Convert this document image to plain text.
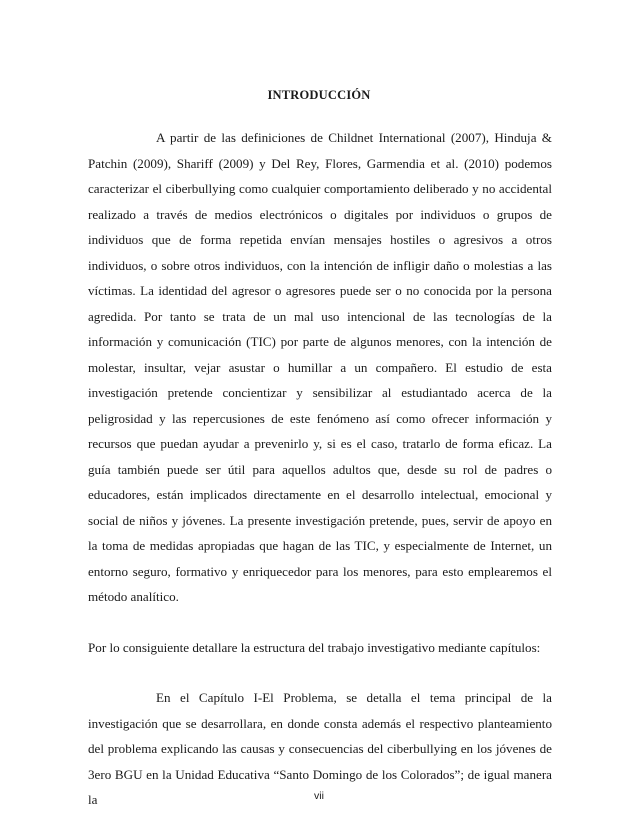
INTRODUCCIÓN

A partir de las definiciones de Childnet International (2007), Hinduja & Patchin (2009), Shariff (2009) y Del Rey, Flores, Garmendia et al. (2010) podemos caracterizar el ciberbullying como cualquier comportamiento deliberado y no accidental realizado a través de medios electrónicos o digitales por individuos o grupos de individuos que de forma repetida envían mensajes hostiles o agresivos a otros individuos, o sobre otros individuos, con la intención de infligir daño o molestias a las víctimas. La identidad del agresor o agresores puede ser o no conocida por la persona agredida. Por tanto se trata de un mal uso intencional de las tecnologías de la información y comunicación (TIC) por parte de algunos menores, con la intención de molestar, insultar, vejar asustar o humillar a un compañero. El estudio de esta investigación pretende concientizar y sensibilizar al estudiantado acerca de la peligrosidad y las repercusiones de este fenómeno así como ofrecer información y recursos que puedan ayudar a prevenirlo y, si es el caso, tratarlo de forma eficaz. La guía también puede ser útil para aquellos adultos que, desde su rol de padres o educadores, están implicados directamente en el desarrollo intelectual, emocional y social de niños y jóvenes. La presente investigación pretende, pues, servir de apoyo en la toma de medidas apropiadas que hagan de las TIC, y especialmente de Internet, un entorno seguro, formativo y enriquecedor para los menores, para esto emplearemos el método analítico.

Por lo consiguiente detallare la estructura del trabajo investigativo mediante capítulos:

En el Capítulo I-El Problema, se detalla el tema principal de la investigación que se desarrollara, en donde consta además el respectivo planteamiento del problema explicando las causas y consecuencias del ciberbullying en los jóvenes de 3ero BGU en la Unidad Educativa “Santo Domingo de los Colorados”; de igual manera la	vii
